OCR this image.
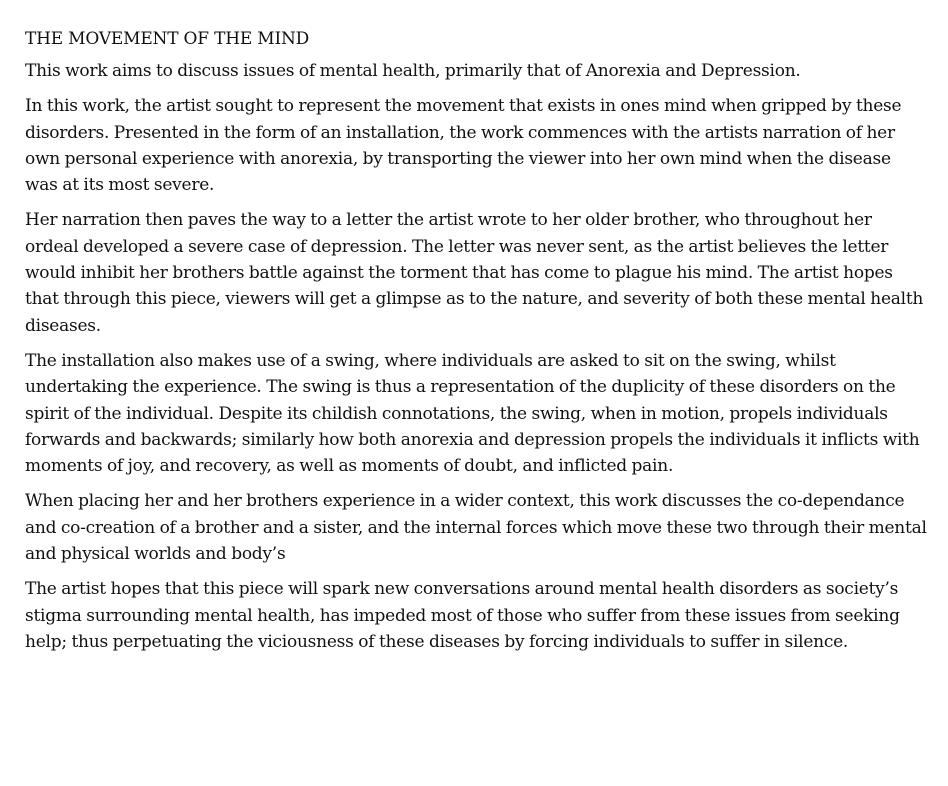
THE MOVEMENT OF THE MIND

This work aims to discuss issues of mental health, primarily that of Anorexia and Depression.

In this work, the artist sought to represent the movement that exists in ones mind when gripped by these disorders. Presented in the form of an installation, the work commences with the artists narration of her own personal experience with anorexia, by transporting the viewer into her own mind when the disease was at its most severe.

Her narration then paves the way to a letter the artist wrote to her older brother, who throughout her ordeal developed a severe case of depression. The letter was never sent, as the artist believes the letter would inhibit her brothers battle against the torment that has come to plague his mind. The artist hopes that through this piece, viewers will get a glimpse as to the nature, and severity of both these mental health diseases.

The installation also makes use of a swing, where individuals are asked to sit on the swing, whilst undertaking the experience. The swing is thus a representation of the duplicity of these disorders on the spirit of the individual. Despite its childish connotations, the swing, when in motion, propels individuals forwards and backwards; similarly how both anorexia and depression propels the individuals it inflicts with moments of joy, and recovery, as well as moments of doubt, and inflicted pain.

When placing her and her brothers experience in a wider context, this work discusses the co-dependance and co-creation of a brother and a sister, and the internal forces which move these two through their mental and physical worlds and body’s

The artist hopes that this piece will spark new conversations around mental health disorders as society’s stigma surrounding mental health, has impeded most of those who suffer from these issues from seeking help; thus perpetuating the viciousness of these diseases by forcing individuals to suffer in silence.
